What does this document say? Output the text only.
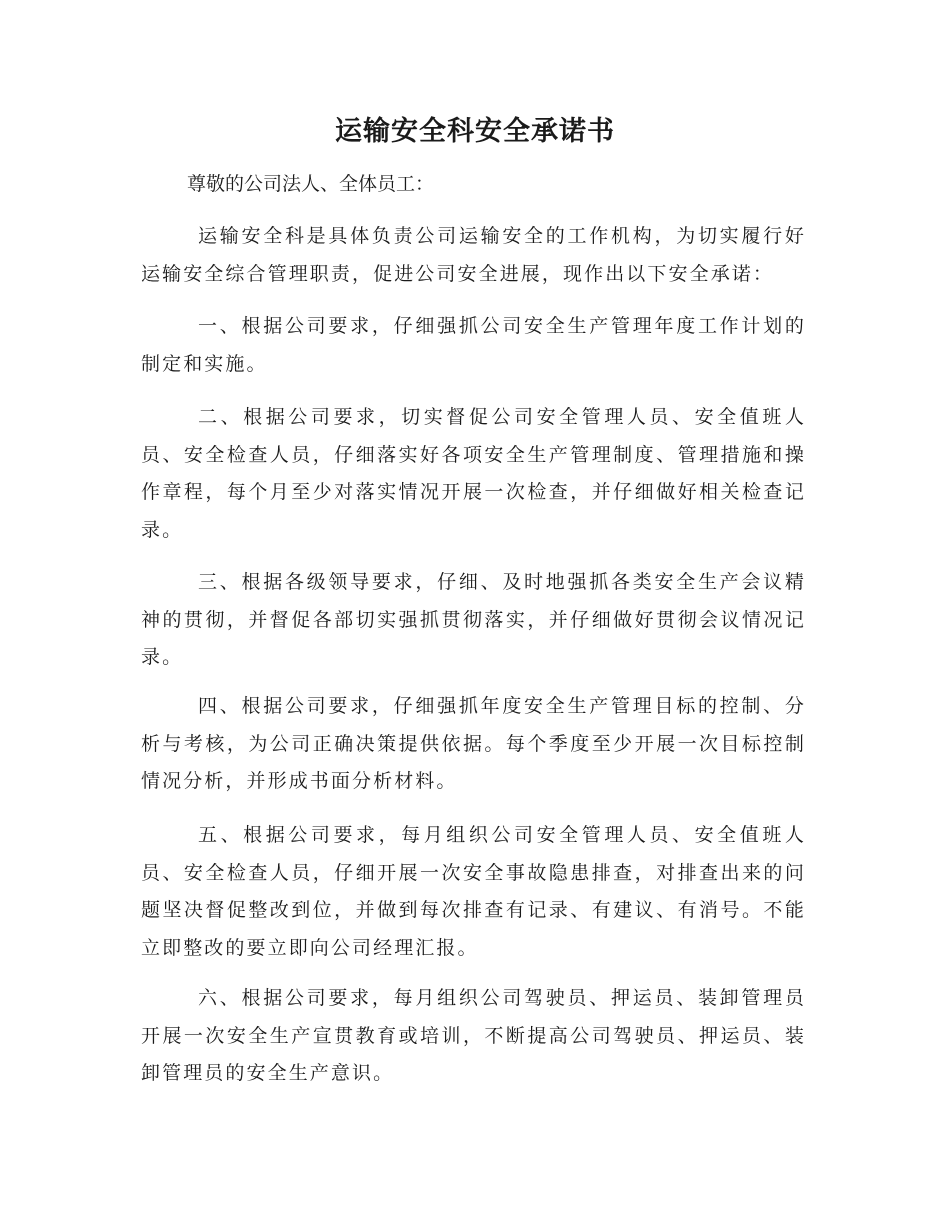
运输安全科安全承诺书
尊敬的公司法人、全体员工：

运输安全科是具体负责公司运输安全的工作机构，为切实履行好运输安全综合管理职责，促进公司安全进展，现作出以下安全承诺：

一、根据公司要求，仔细强抓公司安全生产管理年度工作计划的制定和实施。

二、根据公司要求，切实督促公司安全管理人员、安全值班人员、安全检查人员，仔细落实好各项安全生产管理制度、管理措施和操作章程，每个月至少对落实情况开展一次检查，并仔细做好相关检查记录。

三、根据各级领导要求，仔细、及时地强抓各类安全生产会议精神的贯彻，并督促各部切实强抓贯彻落实，并仔细做好贯彻会议情况记录。

四、根据公司要求，仔细强抓年度安全生产管理目标的控制、分析与考核，为公司正确决策提供依据。每个季度至少开展一次目标控制情况分析，并形成书面分析材料。

五、根据公司要求，每月组织公司安全管理人员、安全值班人员、安全检查人员，仔细开展一次安全事故隐患排查，对排查出来的问题坚决督促整改到位，并做到每次排查有记录、有建议、有消号。不能立即整改的要立即向公司经理汇报。

六、根据公司要求，每月组织公司驾驶员、押运员、装卸管理员开展一次安全生产宣贯教育或培训，不断提高公司驾驶员、押运员、装卸管理员的安全生产意识。
